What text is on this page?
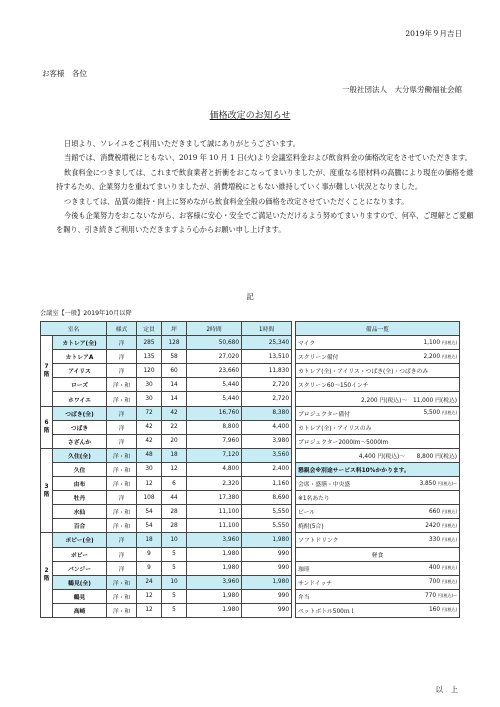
2019年９月吉日
お客様　各位
一般社団法人　大分県労働福祉会館
価格改定のお知らせ

日頃より、ソレイユをご利用いただきまして誠にありがとうございます。

当館では、消費税増税にともない、2019 年 10 月 1 日(火)より会議室料金および飲食料金の価格改定をさせていただきます。

飲食料金につきましては、これまで飲食業者と折衝をおこなってまいりましたが、度重なる原材料の高騰により現在の価格を維持するため、企業努力を重ねてまいりましたが、消費増税にともない維持していく事が難しい状況となりました。

つきましては、品質の維持・向上に努めながら飲食料金全般の価格を改定させていただくことになります。

今後も企業努力をおこないながら、お客様に安心・安全でご満足いただけるよう努めてまいりますので、何卒、ご理解とご愛顧を賜り、引き続きご利用いただきますよう心からお願い申し上げます。

記
会議室【一般】2019年10月以降
室名		様式	定員	坪	2時間	1時間
7
階	カトレア(全)	洋	285	128	50,680	25,340
	カトレアA	洋	135	58	27,020	13,510
	アイリス	洋	120	60	23,660	11,830
	ローズ	洋・和	30	14	5,440	2,720
	ホワイエ	洋・和	30	14	5,440	2,720
6
階	つばき(全)	洋	72	42	16,760	8,380
	つばき	洋	42	22	8,800	4,400
	さざんか	洋	42	20	7,960	3,980
3
階	久住(全)	洋・和	48	18	7,120	3,560
	久住	洋・和	30	12	4,800	2,400
	由布	洋・和	12	6	2,320	1,160
	牡丹	洋	108	44	17,380	8,690
	水仙	洋・和	54	28	11,100	5,550
	百合	洋・和	54	28	11,100	5,550
2
階	ポピー(全)	洋	18	10	3,960	1,980
	ポピー	洋	9	5	1,980	990
	パンジー	洋	9	5	1,980	990
	鶴見(全)	洋・和	24	10	3,960	1,980
	鶴見	洋・和	12	5	1,980	990
	高崎	洋・和	12	5	1,980	990
備品一覧	
マイク	1,100 円(税込)
スクリーン備付	2,200 円(税込)
カトレア(全)・アイリス・つばき(全)・つばきのみ	
スクリーン60～150インチ	
2,200 円(税込)～　11,000 円(税込)	
プロジェクター備付	5,500 円(税込)
カトレア(全)・アイリスのみ	
プロジェクター2000lm～5000lm	
4,400 円(税込)～　　8,800 円(税込)	
懇親会※別途サービス料10%かかります。	
会席・盛膳・中央盛	3,850 円(税込)～
※1名あたり	
ビール	660 円(税込)
焼酎(5合)	2420 円(税込)
ソフトドリンク	330 円(税込)
軽食	
珈琲	400 円(税込)
サンドイッチ	700 円(税込)
弁当	770 円(税込)～
ペットボトル500ｍｌ	160 円(税込)
以　上
